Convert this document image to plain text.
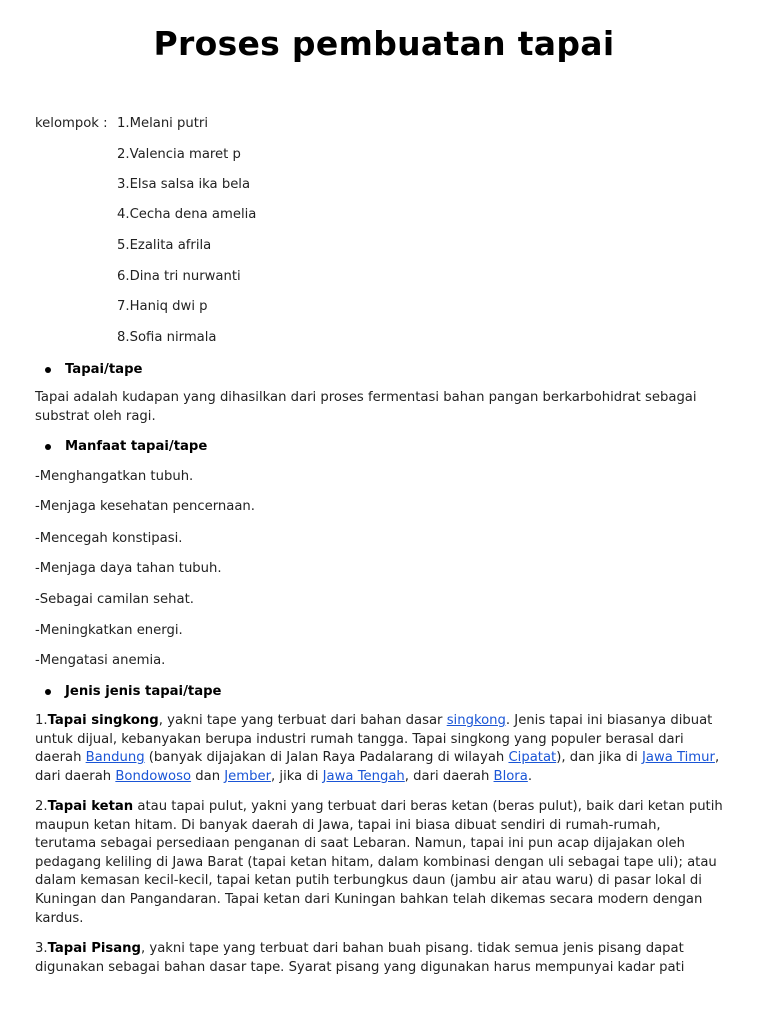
Proses pembuatan tapai
kelompok : 1.Melani putri
2.Valencia maret p
3.Elsa salsa ika bela
4.Cecha dena amelia
5.Ezalita afrila
6.Dina tri nurwanti
7.Haniq dwi p
8.Sofia nirmala
Tapai/tape
Tapai adalah kudapan yang dihasilkan dari proses fermentasi bahan pangan berkarbohidrat sebagai substrat oleh ragi.
Manfaat tapai/tape
-Menghangatkan tubuh.
-Menjaga kesehatan pencernaan.
-Mencegah konstipasi.
-Menjaga daya tahan tubuh.
-Sebagai camilan sehat.
-Meningkatkan energi.
-Mengatasi anemia.
Jenis jenis tapai/tape
1.Tapai singkong, yakni tape yang terbuat dari bahan dasar singkong. Jenis tapai ini biasanya dibuat untuk dijual, kebanyakan berupa industri rumah tangga. Tapai singkong yang populer berasal dari daerah Bandung (banyak dijajakan di Jalan Raya Padalarang di wilayah Cipatat), dan jika di Jawa Timur, dari daerah Bondowoso dan Jember, jika di Jawa Tengah, dari daerah Blora.
2.Tapai ketan atau tapai pulut, yakni yang terbuat dari beras ketan (beras pulut), baik dari ketan putih maupun ketan hitam. Di banyak daerah di Jawa, tapai ini biasa dibuat sendiri di rumah-rumah, terutama sebagai persediaan penganan di saat Lebaran. Namun, tapai ini pun acap dijajakan oleh pedagang keliling di Jawa Barat (tapai ketan hitam, dalam kombinasi dengan uli sebagai tape uli); atau dalam kemasan kecil-kecil, tapai ketan putih terbungkus daun (jambu air atau waru) di pasar lokal di Kuningan dan Pangandaran. Tapai ketan dari Kuningan bahkan telah dikemas secara modern dengan kardus.
3.Tapai Pisang, yakni tape yang terbuat dari bahan buah pisang. tidak semua jenis pisang dapat digunakan sebagai bahan dasar tape. Syarat pisang yang digunakan harus mempunyai kadar pati
